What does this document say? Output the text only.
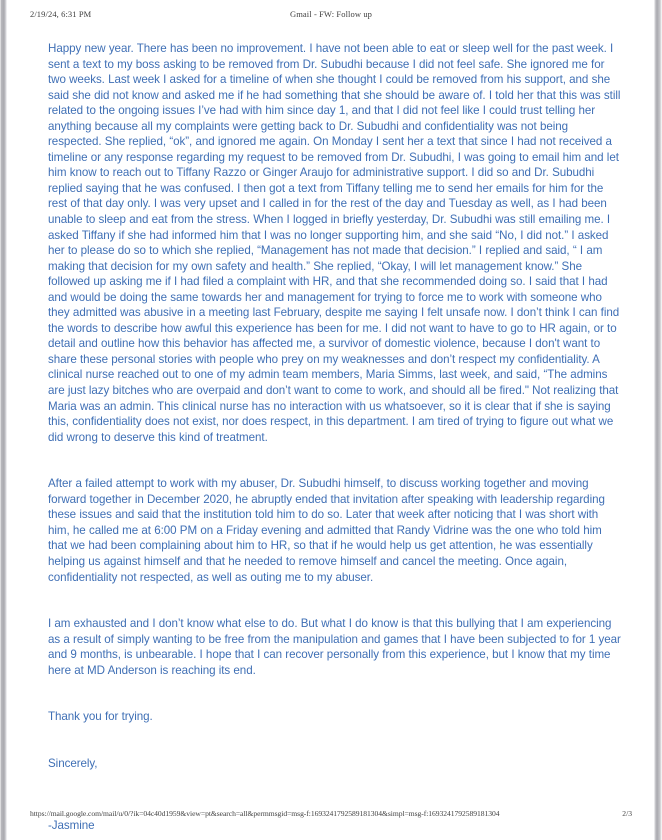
2/19/24, 6:31 PM	Gmail - FW: Follow up

Happy new year. There has been no improvement. I have not been able to eat or sleep well for the past week. I sent a text to my boss asking to be removed from Dr. Subudhi because I did not feel safe. She ignored me for two weeks. Last week I asked for a timeline of when she thought I could be removed from his support, and she said she did not know and asked me if he had something that she should be aware of. I told her that this was still related to the ongoing issues I’ve had with him since day 1, and that I did not feel like I could trust telling her anything because all my complaints were getting back to Dr. Subudhi and confidentiality was not being respected. She replied, “ok”, and ignored me again. On Monday I sent her a text that since I had not received a timeline or any response regarding my request to be removed from Dr. Subudhi, I was going to email him and let him know to reach out to Tiffany Razzo or Ginger Araujo for administrative support. I did so and Dr. Subudhi replied saying that he was confused. I then got a text from Tiffany telling me to send her emails for him for the rest of that day only. I was very upset and I called in for the rest of the day and Tuesday as well, as I had been unable to sleep and eat from the stress. When I logged in briefly yesterday, Dr. Subudhi was still emailing me. I asked Tiffany if she had informed him that I was no longer supporting him, and she said “No, I did not.” I asked her to please do so to which she replied, “Management has not made that decision.” I replied and said, “ I am making that decision for my own safety and health.” She replied, “Okay, I will let management know.” She followed up asking me if I had filed a complaint with HR, and that she recommended doing so. I said that I had and would be doing the same towards her and management for trying to force me to work with someone who they admitted was abusive in a meeting last February, despite me saying I felt unsafe now. I don’t think I can find the words to describe how awful this experience has been for me. I did not want to have to go to HR again, or to detail and outline how this behavior has affected me, a survivor of domestic violence, because I don't want to share these personal stories with people who prey on my weaknesses and don’t respect my confidentiality. A clinical nurse reached out to one of my admin team members, Maria Simms, last week, and said, “The admins are just lazy bitches who are overpaid and don’t want to come to work, and should all be fired." Not realizing that Maria was an admin. This clinical nurse has no interaction with us whatsoever, so it is clear that if she is saying this, confidentiality does not exist, nor does respect, in this department. I am tired of trying to figure out what we did wrong to deserve this kind of treatment.

After a failed attempt to work with my abuser, Dr. Subudhi himself, to discuss working together and moving forward together in December 2020, he abruptly ended that invitation after speaking with leadership regarding these issues and said that the institution told him to do so. Later that week after noticing that I was short with him, he called me at 6:00 PM on a Friday evening and admitted that Randy Vidrine was the one who told him that we had been complaining about him to HR, so that if he would help us get attention, he was essentially helping us against himself and that he needed to remove himself and cancel the meeting. Once again, confidentiality not respected, as well as outing me to my abuser.

I am exhausted and I don’t know what else to do. But what I do know is that this bullying that I am experiencing as a result of simply wanting to be free from the manipulation and games that I have been subjected to for 1 year and 9 months, is unbearable. I hope that I can recover personally from this experience, but I know that my time here at MD Anderson is reaching its end.

Thank you for trying.

Sincerely,

-Jasmine

https://mail.google.com/mail/u/0/?ik=04c40d1959&view=pt&search=all&permmsgid=msg-f:1693241792589181304&simpl=msg-f:1693241792589181304	2/3
